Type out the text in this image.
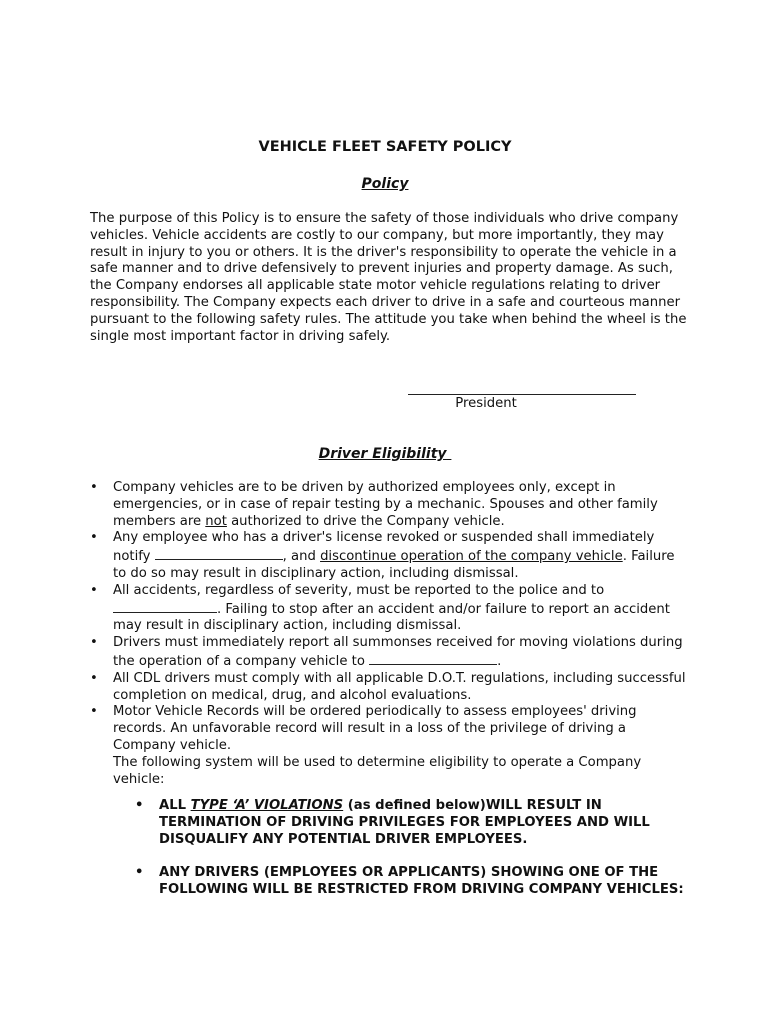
VEHICLE FLEET SAFETY POLICY
Policy

The purpose of this Policy is to ensure the safety of those individuals who drive company vehicles. Vehicle accidents are costly to our company, but more importantly, they may result in injury to you or others. It is the driver's responsibility to operate the vehicle in a safe manner and to drive defensively to prevent injuries and property damage. As such, the Company endorses all applicable state motor vehicle regulations relating to driver responsibility. The Company expects each driver to drive in a safe and courteous manner pursuant to the following safety rules. The attitude you take when behind the wheel is the single most important factor in driving safely.

President
Driver Eligibility
• Company vehicles are to be driven by authorized employees only, except in emergencies, or in case of repair testing by a mechanic. Spouses and other family members are not authorized to drive the Company vehicle.
• Any employee who has a driver's license revoked or suspended shall immediately notify	, and discontinue operation of the company vehicle. Failure to do so may result in disciplinary action, including dismissal.
• All accidents, regardless of severity, must be reported to the police and to . Failing to stop after an accident and/or failure to report an accident may result in disciplinary action, including dismissal.
• Drivers must immediately report all summonses received for moving violations during the operation of a company vehicle to	.
• All CDL drivers must comply with all applicable D.O.T. regulations, including successful completion on medical, drug, and alcohol evaluations.
• Motor Vehicle Records will be ordered periodically to assess employees' driving records. An unfavorable record will result in a loss of the privilege of driving a Company vehicle.
The following system will be used to determine eligibility to operate a Company vehicle:
• ALL TYPE ‘A’ VIOLATIONS (as defined below)WILL RESULT IN TERMINATION OF DRIVING PRIVILEGES FOR EMPLOYEES AND WILL DISQUALIFY ANY POTENTIAL DRIVER EMPLOYEES.
• ANY DRIVERS (EMPLOYEES OR APPLICANTS) SHOWING ONE OF THE FOLLOWING WILL BE RESTRICTED FROM DRIVING COMPANY VEHICLES:
